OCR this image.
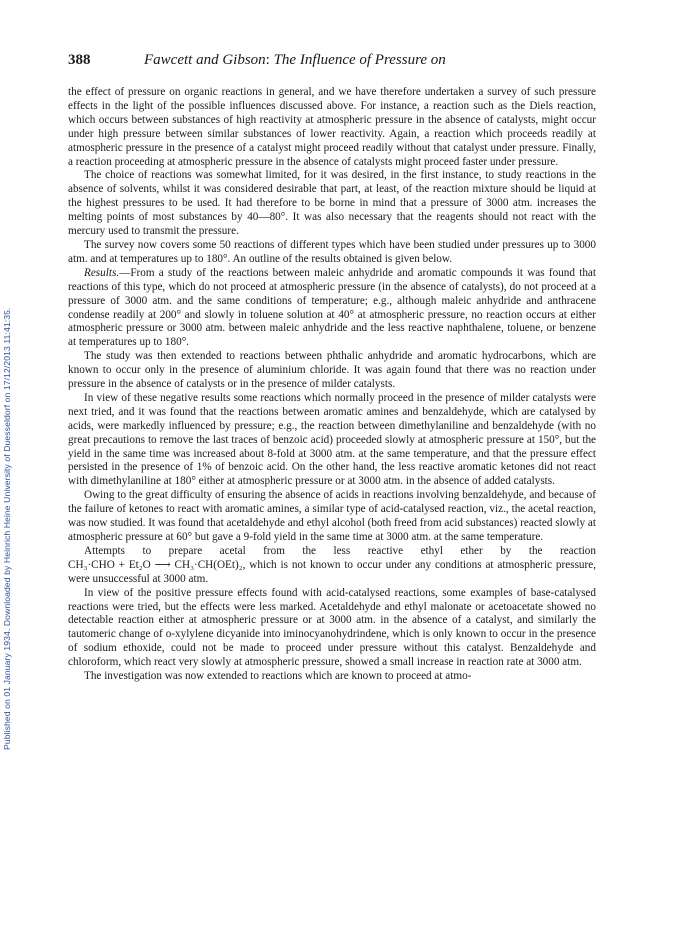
Published on 01 January 1934. Downloaded by Heinrich Heine University of Duesseldorf on 17/12/2013 11:41:35.
388	Fawcett and Gibson: The Influence of Pressure on

the effect of pressure on organic reactions in general, and we have therefore undertaken a survey of such pressure effects in the light of the possible influences discussed above. For instance, a reaction such as the Diels reaction, which occurs between substances of high reactivity at atmospheric pressure in the absence of catalysts, might occur under high pressure between similar substances of lower reactivity. Again, a reaction which proceeds readily at atmospheric pressure in the presence of a catalyst might proceed readily without that catalyst under pressure. Finally, a reaction proceeding at atmospheric pressure in the absence of catalysts might proceed faster under pressure.

The choice of reactions was somewhat limited, for it was desired, in the first instance, to study reactions in the absence of solvents, whilst it was considered desirable that part, at least, of the reaction mixture should be liquid at the highest pressures to be used. It had therefore to be borne in mind that a pressure of 3000 atm. increases the melting points of most substances by 40—80°. It was also necessary that the reagents should not react with the mercury used to transmit the pressure.

The survey now covers some 50 reactions of different types which have been studied under pressures up to 3000 atm. and at temperatures up to 180°. An outline of the results obtained is given below.

Results.—From a study of the reactions between maleic anhydride and aromatic compounds it was found that reactions of this type, which do not proceed at atmospheric pressure (in the absence of catalysts), do not proceed at a pressure of 3000 atm. and the same conditions of temperature; e.g., although maleic anhydride and anthracene condense readily at 200° and slowly in toluene solution at 40° at atmospheric pressure, no reaction occurs at either atmospheric pressure or 3000 atm. between maleic anhydride and the less reactive naphthalene, toluene, or benzene at temperatures up to 180°.

The study was then extended to reactions between phthalic anhydride and aromatic hydrocarbons, which are known to occur only in the presence of aluminium chloride. It was again found that there was no reaction under pressure in the absence of catalysts or in the presence of milder catalysts.

In view of these negative results some reactions which normally proceed in the presence of milder catalysts were next tried, and it was found that the reactions between aromatic amines and benzaldehyde, which are catalysed by acids, were markedly influenced by pressure; e.g., the reaction between dimethylaniline and benzaldehyde (with no great precautions to remove the last traces of benzoic acid) proceeded slowly at atmospheric pressure at 150°, but the yield in the same time was increased about 8-fold at 3000 atm. at the same temperature, and that the pressure effect persisted in the presence of 1% of benzoic acid. On the other hand, the less reactive aromatic ketones did not react with dimethylaniline at 180° either at atmospheric pressure or at 3000 atm. in the absence of added catalysts.

Owing to the great difficulty of ensuring the absence of acids in reactions involving benzaldehyde, and because of the failure of ketones to react with aromatic amines, a similar type of acid-catalysed reaction, viz., the acetal reaction, was now studied. It was found that acetaldehyde and ethyl alcohol (both freed from acid substances) reacted slowly at atmospheric pressure at 60° but gave a 9-fold yield in the same time at 3000 atm. at the same temperature.

Attempts to prepare acetal from the less reactive ethyl ether by the reaction CH₃·CHO + Et₂O ⟶ CH₃·CH(OEt)₂, which is not known to occur under any conditions at atmospheric pressure, were unsuccessful at 3000 atm.

In view of the positive pressure effects found with acid-catalysed reactions, some examples of base-catalysed reactions were tried, but the effects were less marked. Acetaldehyde and ethyl malonate or acetoacetate showed no detectable reaction either at atmospheric pressure or at 3000 atm. in the absence of a catalyst, and similarly the tautomeric change of o-xylylene dicyanide into iminocyanohydrindene, which is only known to occur in the presence of sodium ethoxide, could not be made to proceed under pressure without this catalyst. Benzaldehyde and chloroform, which react very slowly at atmospheric pressure, showed a small increase in reaction rate at 3000 atm.

The investigation was now extended to reactions which are known to proceed at atmo-
